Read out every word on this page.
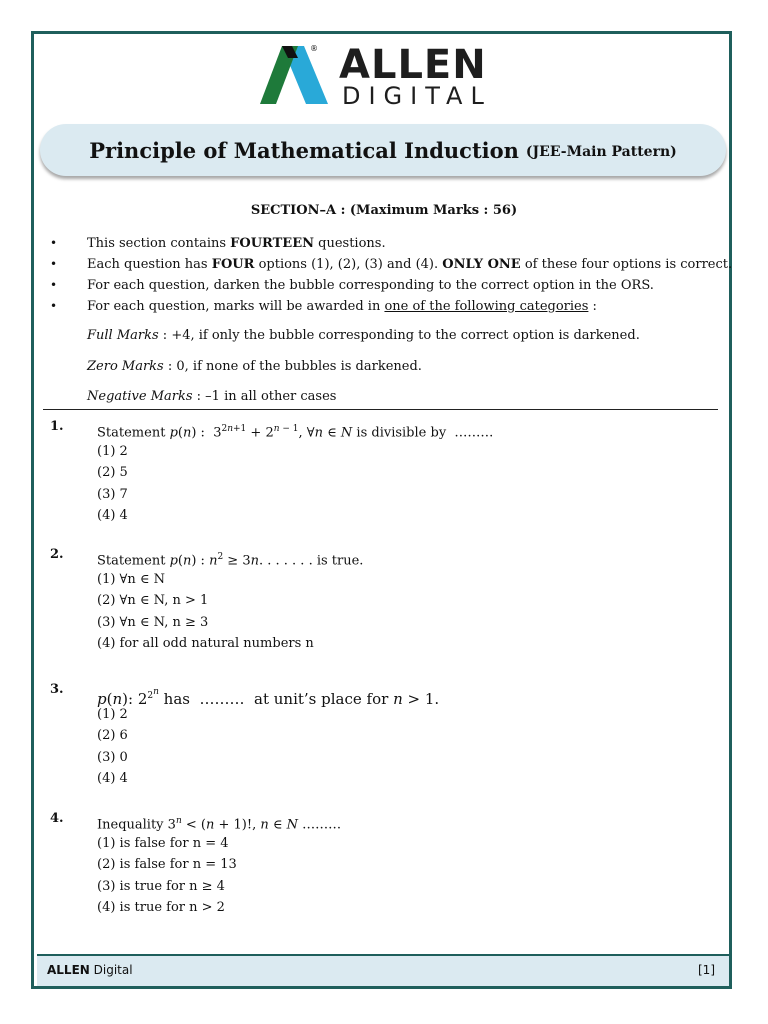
® ALLEN
DIGITAL
Principle of Mathematical Induction (JEE-Main Pattern)
SECTION–A : (Maximum Marks : 56)
• This section contains FOURTEEN questions.
• Each question has FOUR options (1), (2), (3) and (4). ONLY ONE of these four options is correct.
• For each question, darken the bubble corresponding to the correct option in the ORS.
• For each question, marks will be awarded in one of the following categories :
Full Marks : +4, if only the bubble corresponding to the correct option is darkened.
Zero Marks : 0, if none of the bubbles is darkened.
Negative Marks : –1 in all other cases
1.	Statement p(n) :  $3^{2n+1} + 2^{n - 1}$, ∀n ∈ N is divisible by  ………
(1) 2
(2) 5
(3) 7
(4) 4
2.	Statement p(n) : $n^2 \ge 3n$. . . . . . . is true.
(1) ∀n ∈ N
(2) ∀n ∈ N, n > 1
(3) ∀n ∈ N, n ≥ 3
(4) for all odd natural numbers n
3.
p(n): $2^{2^n}$ has  ………  at unit’s place for n > 1.
(1) 2
(2) 6
(3) 0
(4) 4
4.	Inequality $3^n < (n + 1)$!, n ∈ N ………
(1) is false for n = 4
(2) is false for n = 13
(3) is true for n ≥ 4
(4) is true for n > 2
ALLEN Digital	[1]
